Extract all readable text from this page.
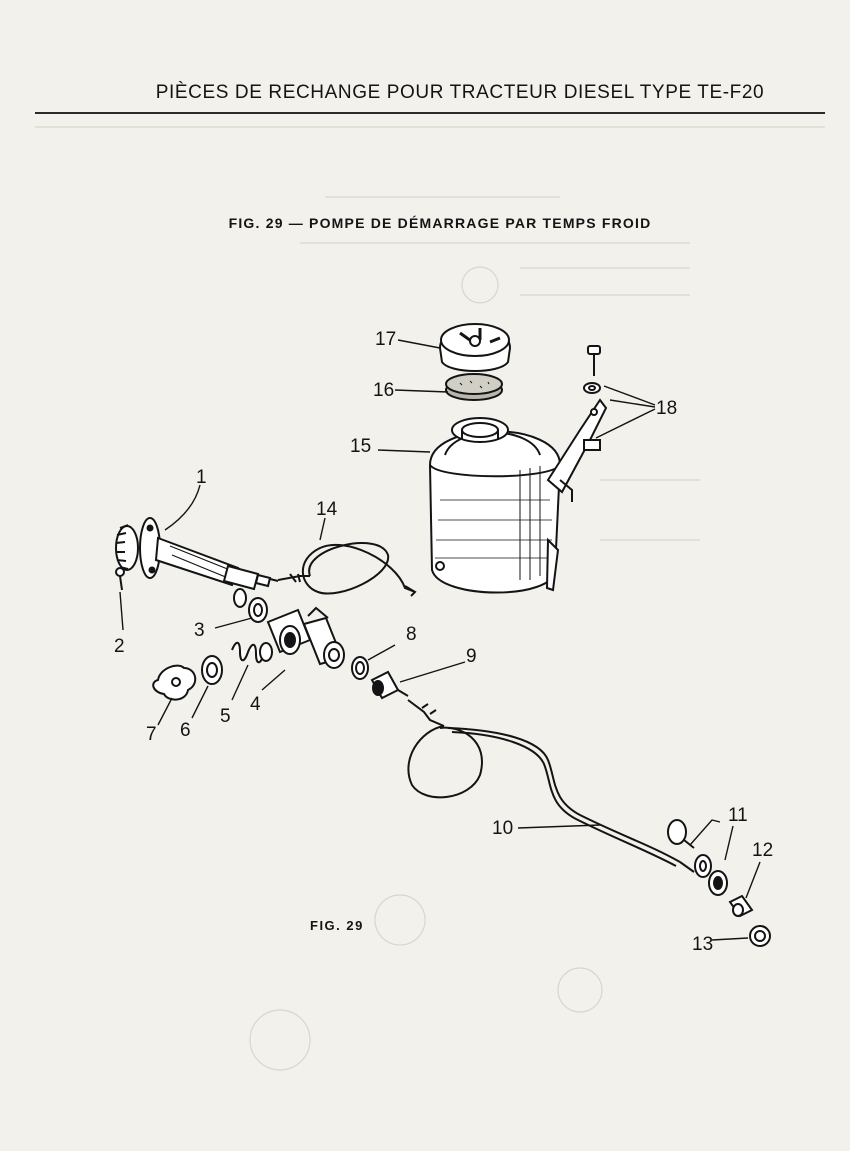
PIÈCES DE RECHANGE POUR TRACTEUR DIESEL TYPE TE-F20
FIG. 29 — POMPE DE DÉMARRAGE PAR TEMPS FROID
1
2
3
4
5
6
7
8
9
10
11
12
13
14
15
16
17
18
FIG. 29
